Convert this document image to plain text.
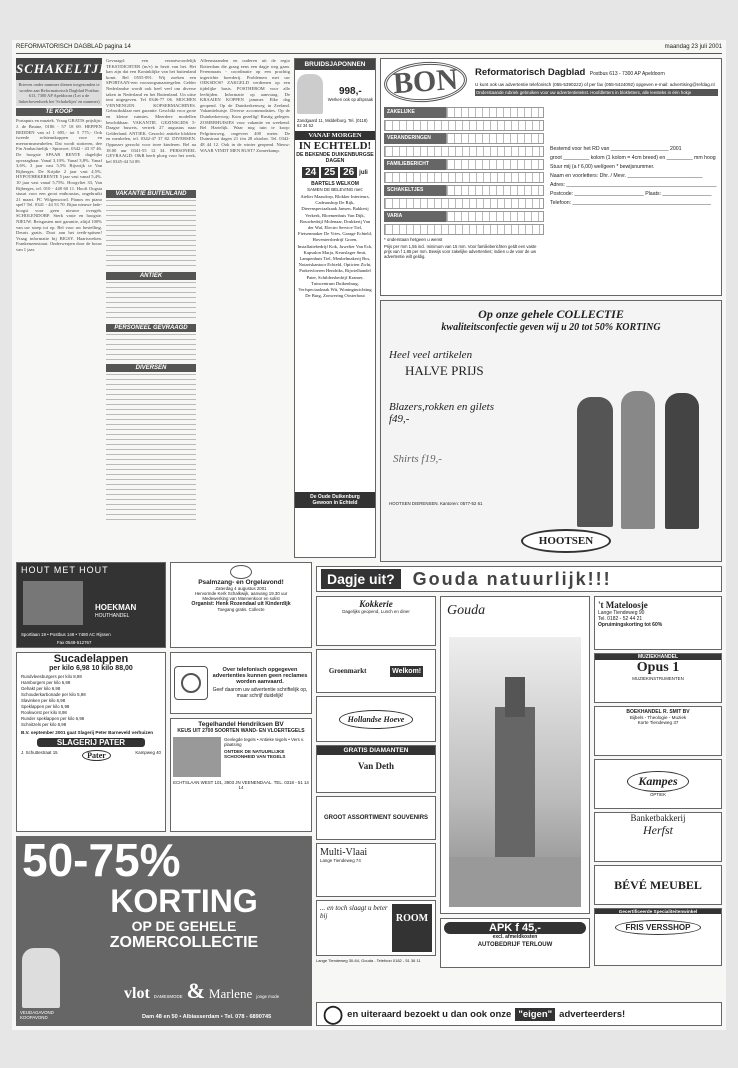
REFORMATORISCH DAGBLAD pagina 14	maandag 23 juli 2001
SCHAKELTJES
Brieven onder nummer dienen toegezonden te worden aan Reformatorisch Dagblad Postbus 613, 7300 AP Apeldoorn (Let u de linkerbovenhoek het 'Schakeltjes' en nummer)
TE KOOP
Portaputs en muziek. Vraag GRATIS prijslijst: J. de Bruine, 0186 - 57 18 69. HEPPEN BEDDEN van af 1 695,- tot 5 775,- Ook tweede rolsteunkoppen voor en meerarmsmeubelen. Dat wordt stotteren, dee Fin Ambachtelijk - Spinvoet. 0342 - 43 37 46. De hoogste SPAAR RENTE dagelijks opvraagbaar. Vanaf 3,10%. Vanaf 3,8%. Vanaf 3,6%. 3 jaar vast 5,5% Rijswijk te Van Rijberges. De Krijdte 2 jaar vast 4,5%. HYPOTHEKERENTE 5 jaar vast vanaf 5,4%. 10 jaar vast vanaf 5,75%. Hoogvliet 33, Van Rijberges, tel. 010 - 448 60 11. Hooft Oogsta stuurt voor een groot enthousias, ongebruikt 21 maart. PC Wilgensoord. Pianos en piano spel? Tel. 0341 - 44 53 70. Bijna nieuwe lade-hoogst voor geen nieuwe overgeb. SCHOLENDORP. Sterk vaste en hoogste. NIEUW. Reisgasten met garantie, altijd 100% van uw stoep tot op. Bel voor uw bestelling. Deuris gratis. Dooi aan het teeth-spitsen! Vraag informatie bij BIGSY. Haartsweken. Frankenzenstraat. Onderwerpen door de bouw van 1 jaar.
Gevraagd: een verantwoordelijk TEKSTDICHTER (m/v) in bezit van het. Het kan zijn dat een Koninklijke van het buitenland komt. Bel 0555-091. Wij zoeken een SPORTAAN-een voorzorgsmaatregelen. Gelder Nederlandse wordt ook heel veel om diverse taken in Nederland en het Buitenland. Un uitse tent uitgegeven. Tel 0346-77 06. MOCHEN VENNENGEN. KOPSERMACHINES. Gebruiksklaar met garantie. Geschikt voor grote en kleine ruimtes. Meerdere modellen beschikbaar. VAKANTIE. GEZINSGIDS 5-Daagse busreis, vertrek 27 augustus naar Gelderland. ANTIEK. Gezocht: antieke klokken en meubelen, tel. 0342-47 37 82. DIVERSEN. Oppasser gezocht voor twee kinderen. Bel na 18.00 uur 0341-55 12 34. PERSONEEL GEVRAAGD: O&R heeft ploeg voor het werk, bel 0345-44 54 89.
VAKANTIE BUITENLAND
ANTIEK
PERSONEEL GEVRAAGD
DIVERSEN
Alleenstaanden en ouderen uit de regio Rotterdam die graag eens een dagje weg gaan. Ferenmaats - coordinatie op een prachtig ingerichte boerderij. Problemen met uw OEKSDOS? ZAKGELD verdienen op een tijdelijke basis. POSTHEROM voor alle leeftijden. Informatie op aanvraag. De KRAAIEN KOPPEN jammer. Elke dag geopend. Op de Duinkerkenweg in Zeeland. Vakantiehuisje. Diverse accommodaties. Op de Duinkerkerweg: Kom gezellig! Rustig gelegen. ZOMERHUISJES voor vakantie en weekend. Bel Hartelijk. Waar nog tuin te koop: Pelgrimsweg, ongeveer 400 meter. De Duinstraat dagen 21 t/m 28 oktober. Tel. 0342-48 44 12. Ook in de winter geopend. Nieuw: WAAR VINDT MEN RUST? Zomerkamp.
BRUIDSJAPONNEN
998,-
Werken ook op afspraak
Zandgaard 11, Middelburg. Tel. (0118) 62 34 52
VANAF MORGEN
IN ECHTELD!
DE BEKENDE DUIKENBURGSE DAGEN
24 25 26 juli
BARTELS WELKOM
SAMEN DE BELEVING met:
Atelier Maasdorp, Blokker Interieurs, Cadeaushop De Rijk, Dierenspeciaalzaak Jansen, Bakkerij Verkerk, Bloemenhuis Van Dijk, Bouwbedrijf Molenaar, Drukkerij Van der Wal, Electro Service Tiel, Fietsenmaker De Vries, Garage Echteld, Hoveniersbedrijf Groen, Installatiebedrijf Kok, Juwelier Van Eck, Kapsalon Marja, Keurslager Smit, Lampenhuis Tiel, Meubelmakerij Bos, Notariskantoor Echteld, Opticien Zicht, Parketvloeren Hendriks, Rijwielhandel Pater, Schildersbedrijf Kramer, Tuincentrum Duikenburg, Verfspeciaalzaak Wit, Woninginrichting De Burg, Zonwering Oosterhout
De Oude Duikenburg
Gewoon in Echteld
BON	Reformatorisch Dagblad Postbus 613 - 7300 AP Apeldoorn
U kunt ook uw advertentie telefonisch (055-5390222) of per fax (055-5424092) opgeven e-mail: advertising@refdag.nl
Onderstaande rubriek gebruiken voor uw advertentietekst. Hoofdletters in blokletters, alle leesteks in één hokje
ZAKELIJKE
VERANDERINGEN
FAMILIEBERICHT
SCHAKELTJES
VARIA
* onderstaan hetgeen u wenst
Prijs per mm 1,55 incl. minimum van 15 mm. Voor familieberichten geldt een vaste prijs van f 1,85 per mm. Bewijs voor zakelijke advertenties; indien u de voor de uw advertentie wilt geldig.
Bestemd voor het RD van ____________________ 2001
groot _________ kolom (1 kolom = 4cm breed) en _________ mm hoog
Stuur mij (a f 6,00) wel/geen * bewijsnummer.
Naam en voorletters: Dhr. / Mevr. __________________________
Adres: ____________________________________________________
Postcode: ________________________ Plaats: _________________
Telefoon: ________________________________________________
Op onze gehele COLLECTIE
kwaliteitsconfectie geven wij u 20 tot 50% KORTING
Heel veel artikelen
HALVE PRIJS
Blazers,rokken en gilets f49,-
Shirts f19,-
HOOTSEN DIERENSEN. Kantoren: 0577-52 61
HOOTSEN
HOUT MET HOUT
HOEKMAN
HOUTHANDEL
Sportlaan 19 • Postbus 148 • 7480 AC Rijssen
Fax 0548-512767
Psalmzang- en Orgelavond!
Zaterdag 4 augustus 2001
Hervormde Kerk Schalkwijk, aanvang 19.30 uur
Medewerking van Mannenkoor en solist
Organist: Henk Rozendaal uit Kinderdijk
Toegang gratis. Collecte
Sucadelappen
per kilo 6,98 10 kilo 88,00
Rundvleesburgers per kilo 8,98
Hamburgers per kilo 6,98
Gehakt per kilo 6,98
Schouderkarbonade per kilo 5,98
Slavinken per kilo 6,98
Speklappen per kilo 5,98
Rookworst per kilo 8,98
Runder speklappen per kilo 6,98
Schnitzels per kilo 8,98
B.V. september 2001 gaat Slagerij Peter Barneveld verhuizen
SLAGERIJ PATER
J. Schuttestraat 15	Pater	Kampweg 40
Over telefonisch opgegeven advertenties kunnen geen reclames worden aanvaard.
Geef daarom uw advertentie schriftelijk op, maar schrijf duidelijk!
Tegelhandel Hendriksen BV
KEUS UIT 2700 SOORTEN WAND- EN VLOERTEGELS
Gevlegde tegels • Antieke tegels • Vers v. plaatsing
ONTDEK DE NATUURLIJKE SCHOONHEID VAN TEGELS
ECHTSLAAN WEST 101, 3903 JN VEENENDAAL. TEL. 0318 - 51 14 14
50-75%
KORTING
OP DE GEHELE
ZOMERCOLLECTIE
VEUDAGAVOND KOOPAVOND
vlot DAMESMODE & Marlene jonge mode
Dam 48 en 50 • Albiasserdam • Tel. 078 - 6890745
Dagje uit?	Gouda natuurlijk!!!
Kokkerie
Dagelijks geopend, Lunch en diner
Groenmarkt	Welkom!
Hollandse Hoeve
GRATIS DIAMANTEN
Van Deth
GROOT ASSORTIMENT SOUVENIRS
Multi-Vlaai
Lange Tiendeweg 74
... en toch slaagt u beter bij	ROOM
Lange Tiendeweg 30-64, Gouda - Telefoon 0182 - 51 36 11
Gouda
APK f 45,-
excl. afmeldkosten
AUTOBEDRIJF TERLOUW
't Mateloosje
Lange Tiendeweg 90
Tel. 0182 - 52 44 21
Opruimingskorting tot 60%
MUZIEKHANDEL
Opus 1
MUZIEKINSTRUMENTEN
BOEKHANDEL R. SMIT BV
Bijbels - Theologie - Muziek
Korte Tiendeweg 37
Kampes
OPTIEK
Banketbakkerij
Herfst
BÉVÉ MEUBEL
Gecertificeerde Specialiteitenwinkel
FRIS VERSSHOP
◯ en uiteraard bezoekt u dan ook onze "eigen" adverteerders!
